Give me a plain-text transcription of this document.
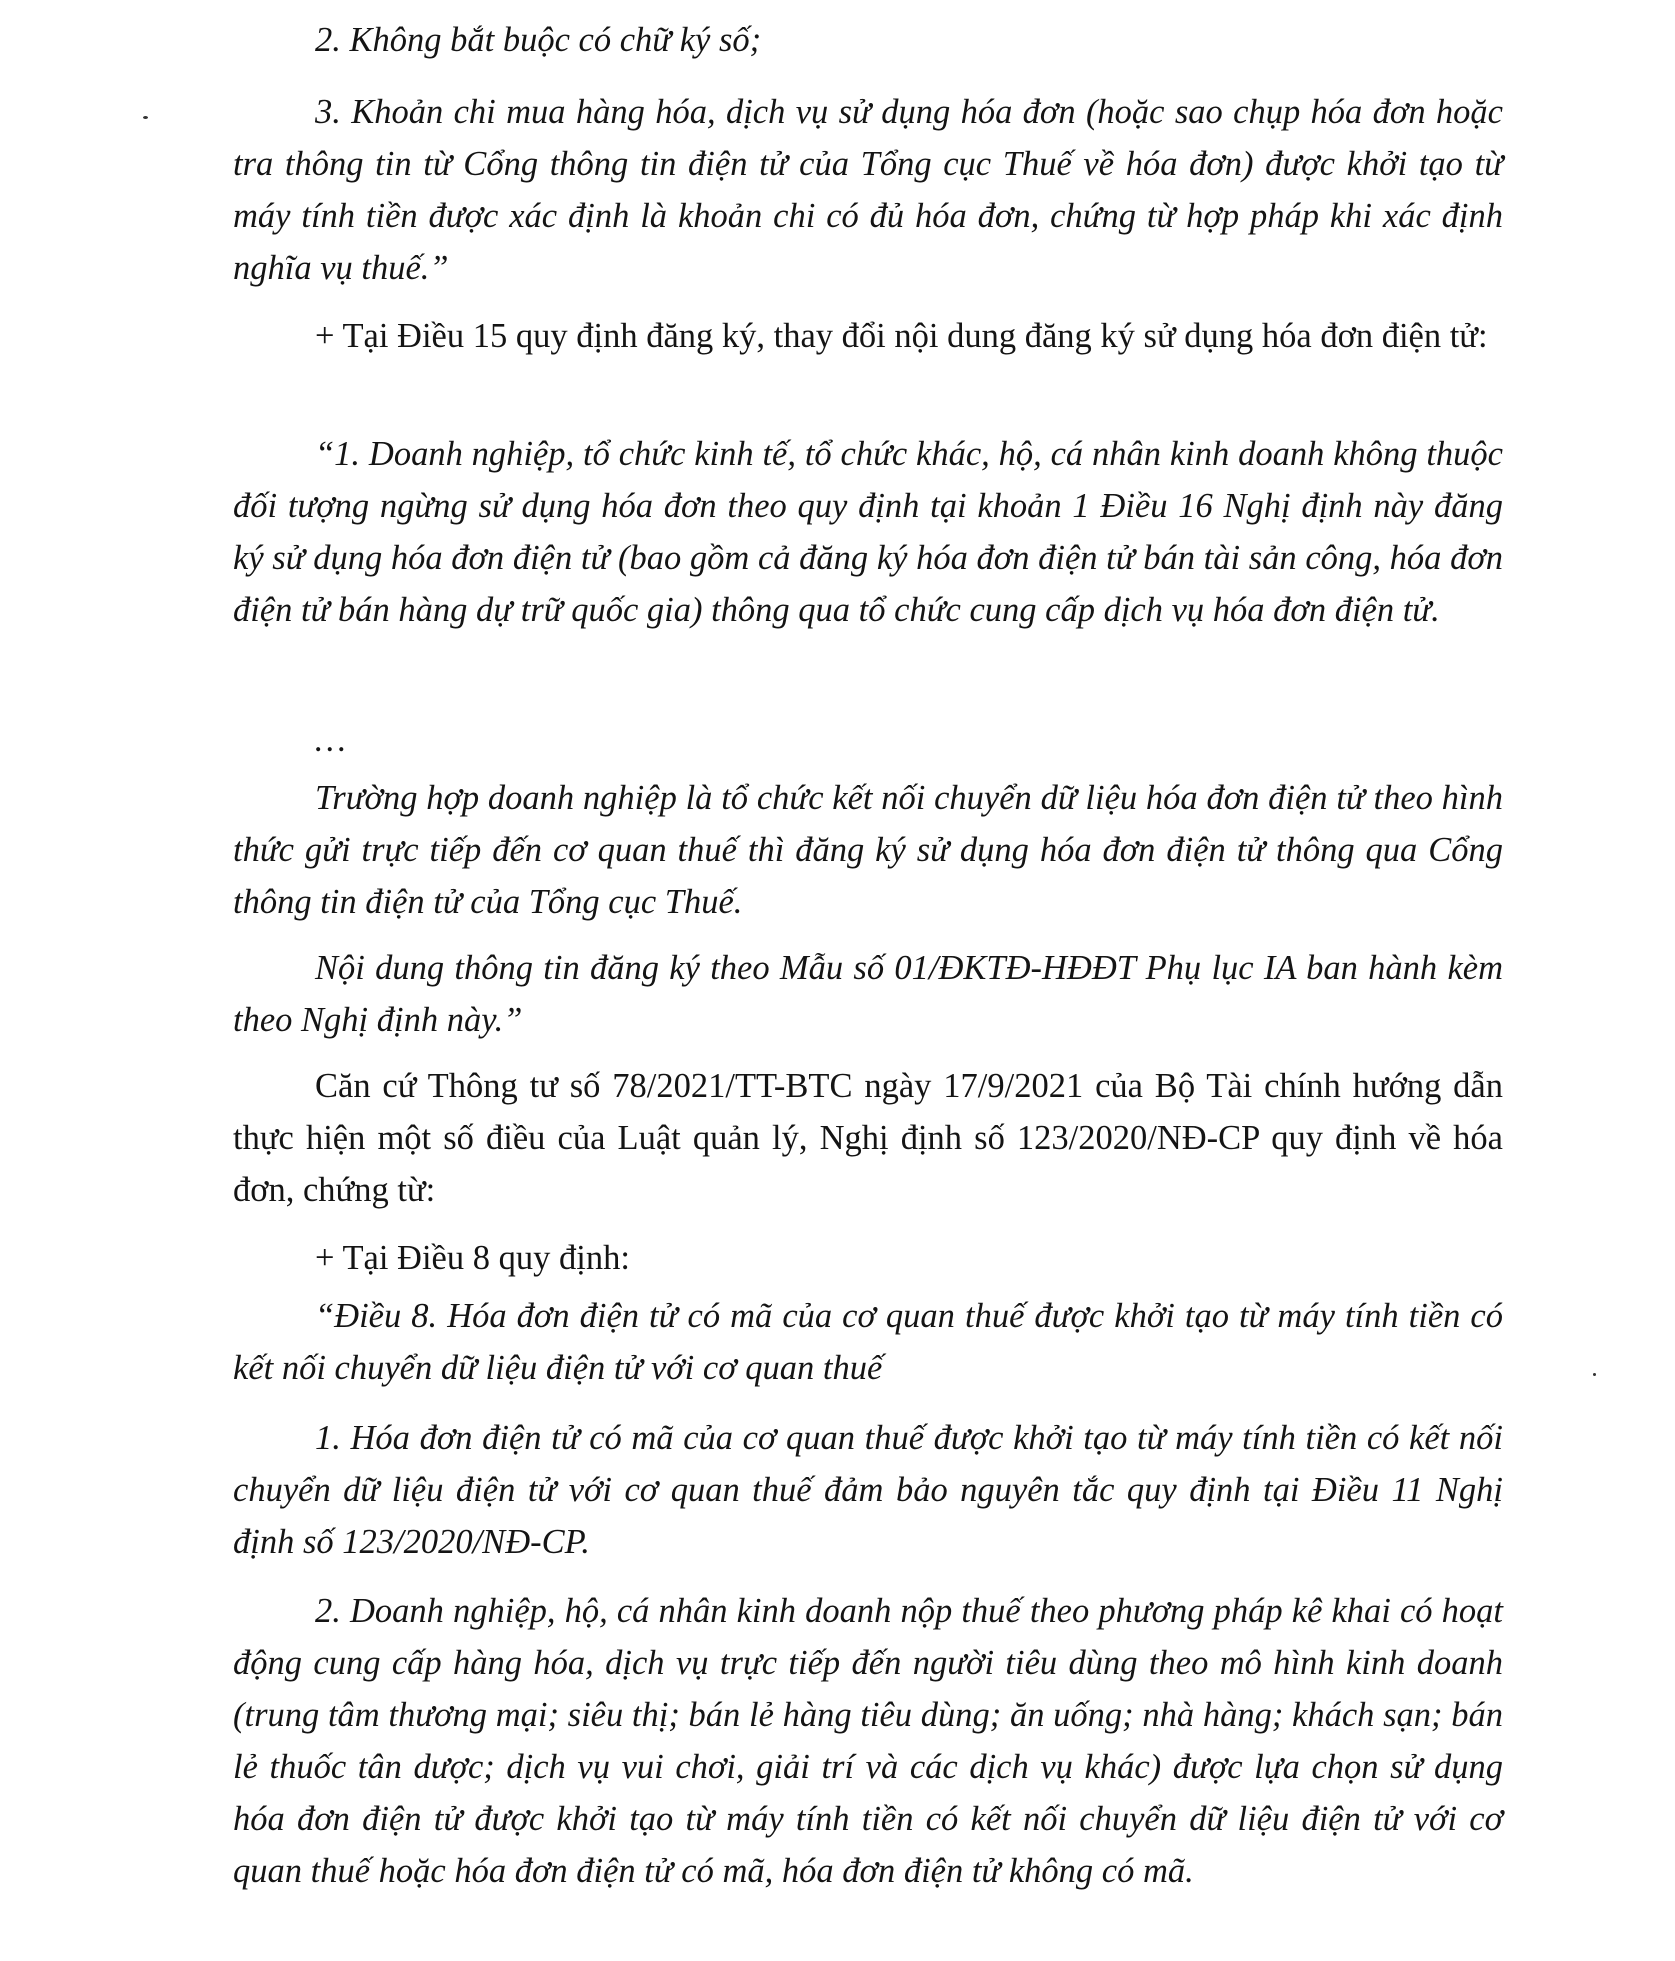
2. Không bắt buộc có chữ ký số;

3. Khoản chi mua hàng hóa, dịch vụ sử dụng hóa đơn (hoặc sao chụp hóa đơn hoặc tra thông tin từ Cổng thông tin điện tử của Tổng cục Thuế về hóa đơn) được khởi tạo từ máy tính tiền được xác định là khoản chi có đủ hóa đơn, chứng từ hợp pháp khi xác định nghĩa vụ thuế.”

+ Tại Điều 15 quy định đăng ký, thay đổi nội dung đăng ký sử dụng hóa đơn điện tử:

“1. Doanh nghiệp, tổ chức kinh tế, tổ chức khác, hộ, cá nhân kinh doanh không thuộc đối tượng ngừng sử dụng hóa đơn theo quy định tại khoản 1 Điều 16 Nghị định này đăng ký sử dụng hóa đơn điện tử (bao gồm cả đăng ký hóa đơn điện tử bán tài sản công, hóa đơn điện tử bán hàng dự trữ quốc gia) thông qua tổ chức cung cấp dịch vụ hóa đơn điện tử.

…

Trường hợp doanh nghiệp là tổ chức kết nối chuyển dữ liệu hóa đơn điện tử theo hình thức gửi trực tiếp đến cơ quan thuế thì đăng ký sử dụng hóa đơn điện tử thông qua Cổng thông tin điện tử của Tổng cục Thuế.

Nội dung thông tin đăng ký theo Mẫu số 01/ĐKTĐ-HĐĐT Phụ lục IA ban hành kèm theo Nghị định này.”

Căn cứ Thông tư số 78/2021/TT-BTC ngày 17/9/2021 của Bộ Tài chính hướng dẫn thực hiện một số điều của Luật quản lý, Nghị định số 123/2020/NĐ-CP quy định về hóa đơn, chứng từ:

+ Tại Điều 8 quy định:

“Điều 8. Hóa đơn điện tử có mã của cơ quan thuế được khởi tạo từ máy tính tiền có kết nối chuyển dữ liệu điện tử với cơ quan thuế

1. Hóa đơn điện tử có mã của cơ quan thuế được khởi tạo từ máy tính tiền có kết nối chuyển dữ liệu điện tử với cơ quan thuế đảm bảo nguyên tắc quy định tại Điều 11 Nghị định số 123/2020/NĐ-CP.

2. Doanh nghiệp, hộ, cá nhân kinh doanh nộp thuế theo phương pháp kê khai có hoạt động cung cấp hàng hóa, dịch vụ trực tiếp đến người tiêu dùng theo mô hình kinh doanh (trung tâm thương mại; siêu thị; bán lẻ hàng tiêu dùng; ăn uống; nhà hàng; khách sạn; bán lẻ thuốc tân dược; dịch vụ vui chơi, giải trí và các dịch vụ khác) được lựa chọn sử dụng hóa đơn điện tử được khởi tạo từ máy tính tiền có kết nối chuyển dữ liệu điện tử với cơ quan thuế hoặc hóa đơn điện tử có mã, hóa đơn điện tử không có mã.
